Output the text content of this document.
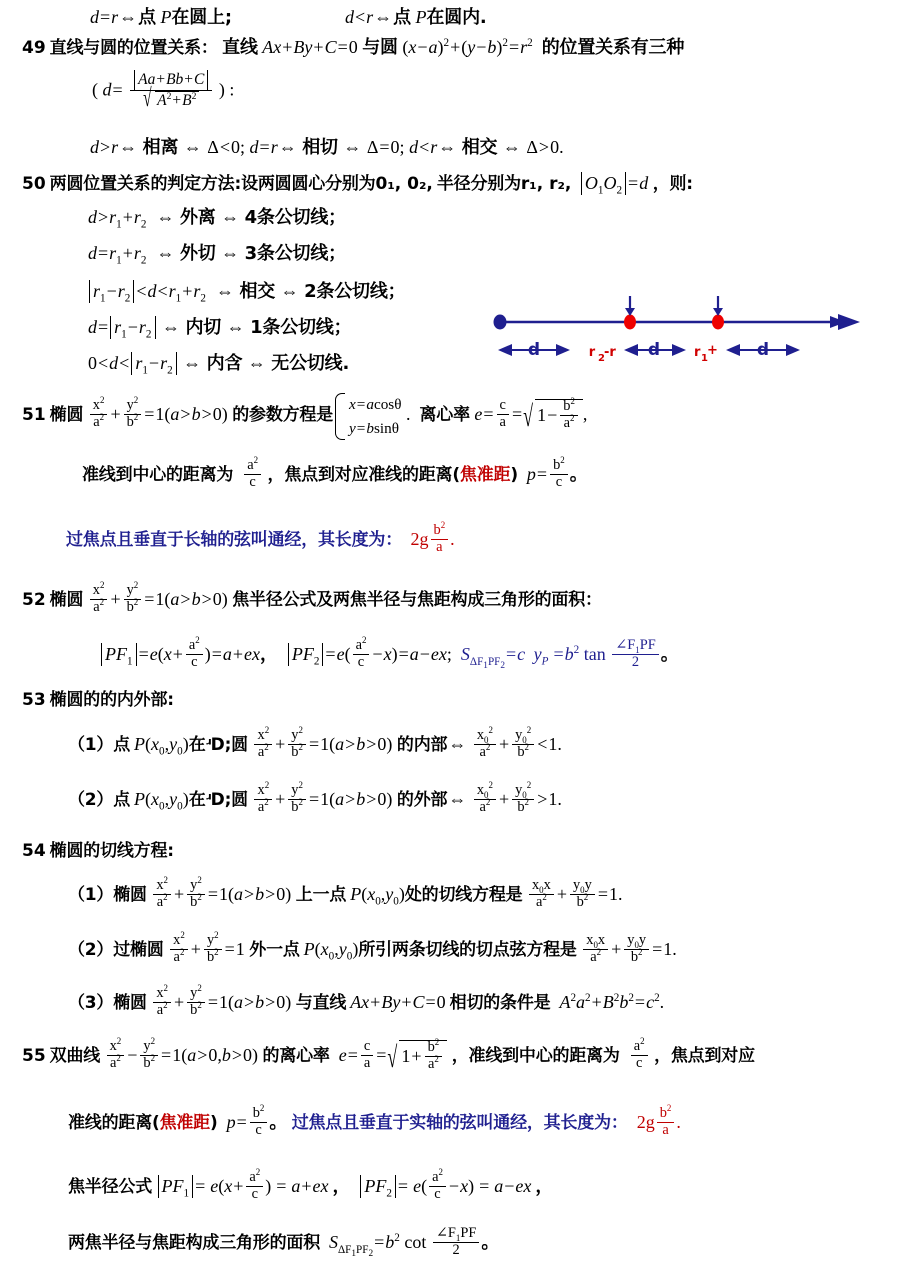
d=r⇔点 P在圆上;	d<r⇔点 P在圆内.
49 直线与圆的位置关系： 直线 Ax+By+C=0 与圆 $(x-a)^2+(y-b)^2=r^2$ 的位置关系有三种
( d= Aa+Bb+C
√ $A^2+B^2$ ) :
d>r⇔ 相离 ⇔ Δ<0; d=r⇔ 相切 ⇔ Δ=0; d<r⇔ 相交 ⇔ Δ>0.
50 两圆位置关系的判定方法:设两圆圆心分别为0₁, 0₂, 半径分别为r₁, r₂, $O_1O_2 =d$ ，则:
$d>r_1+r_2$ ⇔ 外离 ⇔ 4条公切线；
$d=r_1+r_2$ ⇔ 外切 ⇔ 3条公切线；
$r_1-r_2 <d<r_1+r_2$ ⇔ 相交 ⇔ 2条公切线；
$d= r_1-r_2$ ⇔ 内切 ⇔ 1条公切线；
$0<d< r_1-r_2$ ⇔ 内含 ⇔ 无公切线.
d	r 2 -r d	r 1
+ d
51 椭圆 $\frac{x^2}{a^2} + \frac{y^2}{b^2} =1(a>b>0)$ 的参数方程是
x=acosθ
y=bsinθ
.  离心率 $e= \frac{c}{a}$ = √ $1- \frac{b^2}{a^2}$ ,
准线到中心的距离为 $\frac{a^2}{c}$ ，焦点到对应准线的距离(焦准距) $p= \frac{b^2}{c}$ 。
过焦点且垂直于长轴的弦叫通经，其长度为： $2g \frac{b^2}{a}$ .
52 椭圆 $\frac{x^2}{a^2} + \frac{y^2}{b^2} =1(a>b>0)$ 焦半径公式及两焦半径与焦距构成三角形的面积：
$PF_1 =e(x+ \frac{a^2}{c} )=a+ex$， $PF_2 =e( \frac{a^2}{c} -x)=a-ex$; $S_{\Delta F_1PF_2}=c$ $y_P =b^2$ $\tan \frac{\angle F_1PF}{2}$ 。
53 椭圆的的内外部:
（1）点 $P(x_0,y_0)$在ʴD;圆 $\frac{x^2}{a^2} + \frac{y^2}{b^2} =1(a>b>0)$ 的内部⇔ $\frac{x_0^2}{a^2} + \frac{y_0^2}{b^2} <1$.
（2）点 $P(x_0,y_0)$在ʴD;圆 $\frac{x^2}{a^2} + \frac{y^2}{b^2} =1(a>b>0)$ 的外部⇔ $\frac{x_0^2}{a^2} + \frac{y_0^2}{b^2} >1$.
54 椭圆的切线方程:
（1）椭圆 $\frac{x^2}{a^2} + \frac{y^2}{b^2} =1(a>b>0)$ 上一点 $P(x_0,y_0)$处的切线方程是 $\frac{x_0x}{a^2} + \frac{y_0y}{b^2} =1$.
（2）过椭圆 $\frac{x^2}{a^2} + \frac{y^2}{b^2} =1$ 外一点 $P(x_0,y_0)$所引两条切线的切点弦方程是 $\frac{x_0x}{a^2} + \frac{y_0y}{b^2} =1$.
（3）椭圆 $\frac{x^2}{a^2} + \frac{y^2}{b^2} =1(a>b>0)$ 与直线 Ax+By+C=0 相切的条件是 $A^2a^2+B^2b^2=c^2$.
55 双曲线 $\frac{x^2}{a^2} - \frac{y^2}{b^2} =1(a>0,b>0)$ 的离心率 $e= \frac{c}{a}$ = √ $1+ \frac{b^2}{a^2}$ ，准线到中心的距离为 $\frac{a^2}{c}$ ，焦点到对应
准线的距离(焦准距) $p= \frac{b^2}{c}$ 。 过焦点且垂直于实轴的弦叫通经，其长度为： $2g \frac{b^2}{a}$ .
焦半径公式 $PF_1 = e(x+ \frac{a^2}{c}$ ) = a+ex ， $PF_2 = e( \frac{a^2}{c} -x) = a-ex$ ，
两焦半径与焦距构成三角形的面积 $S_{\Delta F_1PF_2}=b^2$ $\cot \frac{\angle F_1PF}{2}$ 。
